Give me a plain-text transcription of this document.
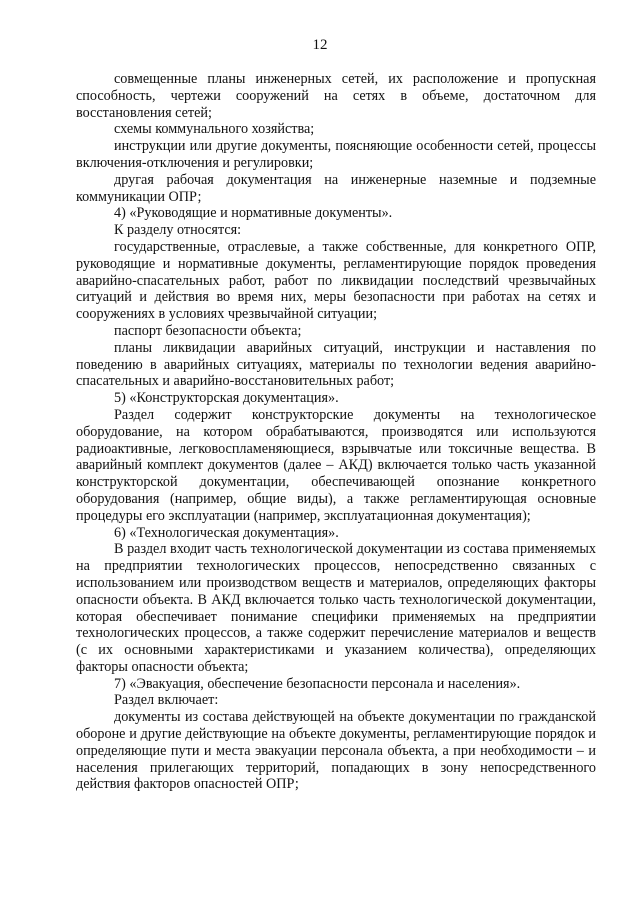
12

совмещенные планы инженерных сетей, их расположение и пропускная способность, чертежи сооружений на сетях в объеме, достаточном для восстановления сетей;

схемы коммунального хозяйства;

инструкции или другие документы, поясняющие особенности сетей, процессы включения-отключения и регулировки;

другая рабочая документация на инженерные наземные и подземные коммуникации ОПР;

4) «Руководящие и нормативные документы».

К разделу относятся:

государственные, отраслевые, а также собственные, для конкретного ОПР, руководящие и нормативные документы, регламентирующие порядок проведения аварийно-спасательных работ, работ по ликвидации последствий чрезвычайных ситуаций и действия во время них, меры безопасности при работах на сетях и сооружениях в условиях чрезвычайной ситуации;

паспорт безопасности объекта;

планы ликвидации аварийных ситуаций, инструкции и наставления по поведению в аварийных ситуациях, материалы по технологии ведения аварийно-спасательных и аварийно-восстановительных работ;

5) «Конструкторская документация».

Раздел содержит конструкторские документы на технологическое оборудование, на котором обрабатываются, производятся или используются радиоактивные, легковоспламеняющиеся, взрывчатые или токсичные вещества. В аварийный комплект документов (далее – АКД) включается только часть указанной конструкторской документации, обеспечивающей опознание конкретного оборудования (например, общие виды), а также регламентирующая основные процедуры его эксплуатации (например, эксплуатационная документация);

6) «Технологическая документация».

В раздел входит часть технологической документации из состава применяемых на предприятии технологических процессов, непосредственно связанных с использованием или производством веществ и материалов, определяющих факторы опасности объекта. В АКД включается только часть технологической документации, которая обеспечивает понимание специфики применяемых на предприятии технологических процессов, а также содержит перечисление материалов и веществ (с их основными характеристиками и указанием количества), определяющих факторы опасности объекта;

7) «Эвакуация, обеспечение безопасности персонала и населения».

Раздел включает:

документы из состава действующей на объекте документации по гражданской обороне и другие действующие на объекте документы, регламентирующие порядок и определяющие пути и места эвакуации персонала объекта, а при необходимости – и населения прилегающих территорий, попадающих в зону непосредственного действия факторов опасностей ОПР;
